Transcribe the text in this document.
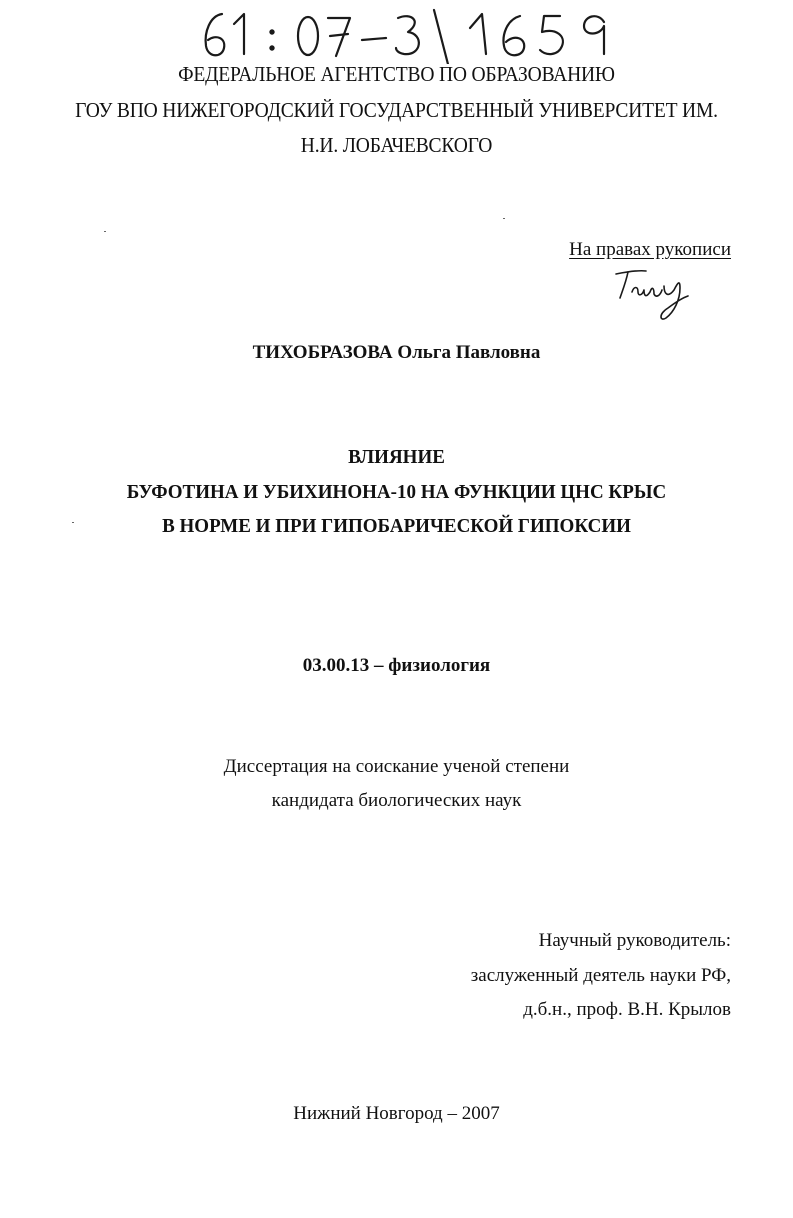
ФЕДЕРАЛЬНОЕ АГЕНТСТВО ПО ОБРАЗОВАНИЮ
ГОУ ВПО НИЖЕГОРОДСКИЙ ГОСУДАРСТВЕННЫЙ УНИВЕРСИТЕТ ИМ.
Н.И. ЛОБАЧЕВСКОГО
На правах рукописи
ТИХОБРАЗОВА Ольга Павловна
ВЛИЯНИЕ
БУФОТИНА И УБИХИНОНА-10 НА ФУНКЦИИ ЦНС КРЫС
В НОРМЕ И ПРИ ГИПОБАРИЧЕСКОЙ ГИПОКСИИ
03.00.13 – физиология
Диссертация на соискание ученой степени
кандидата биологических наук
Научный руководитель:
заслуженный деятель науки РФ,
д.б.н., проф. В.Н. Крылов
Нижний Новгород – 2007
